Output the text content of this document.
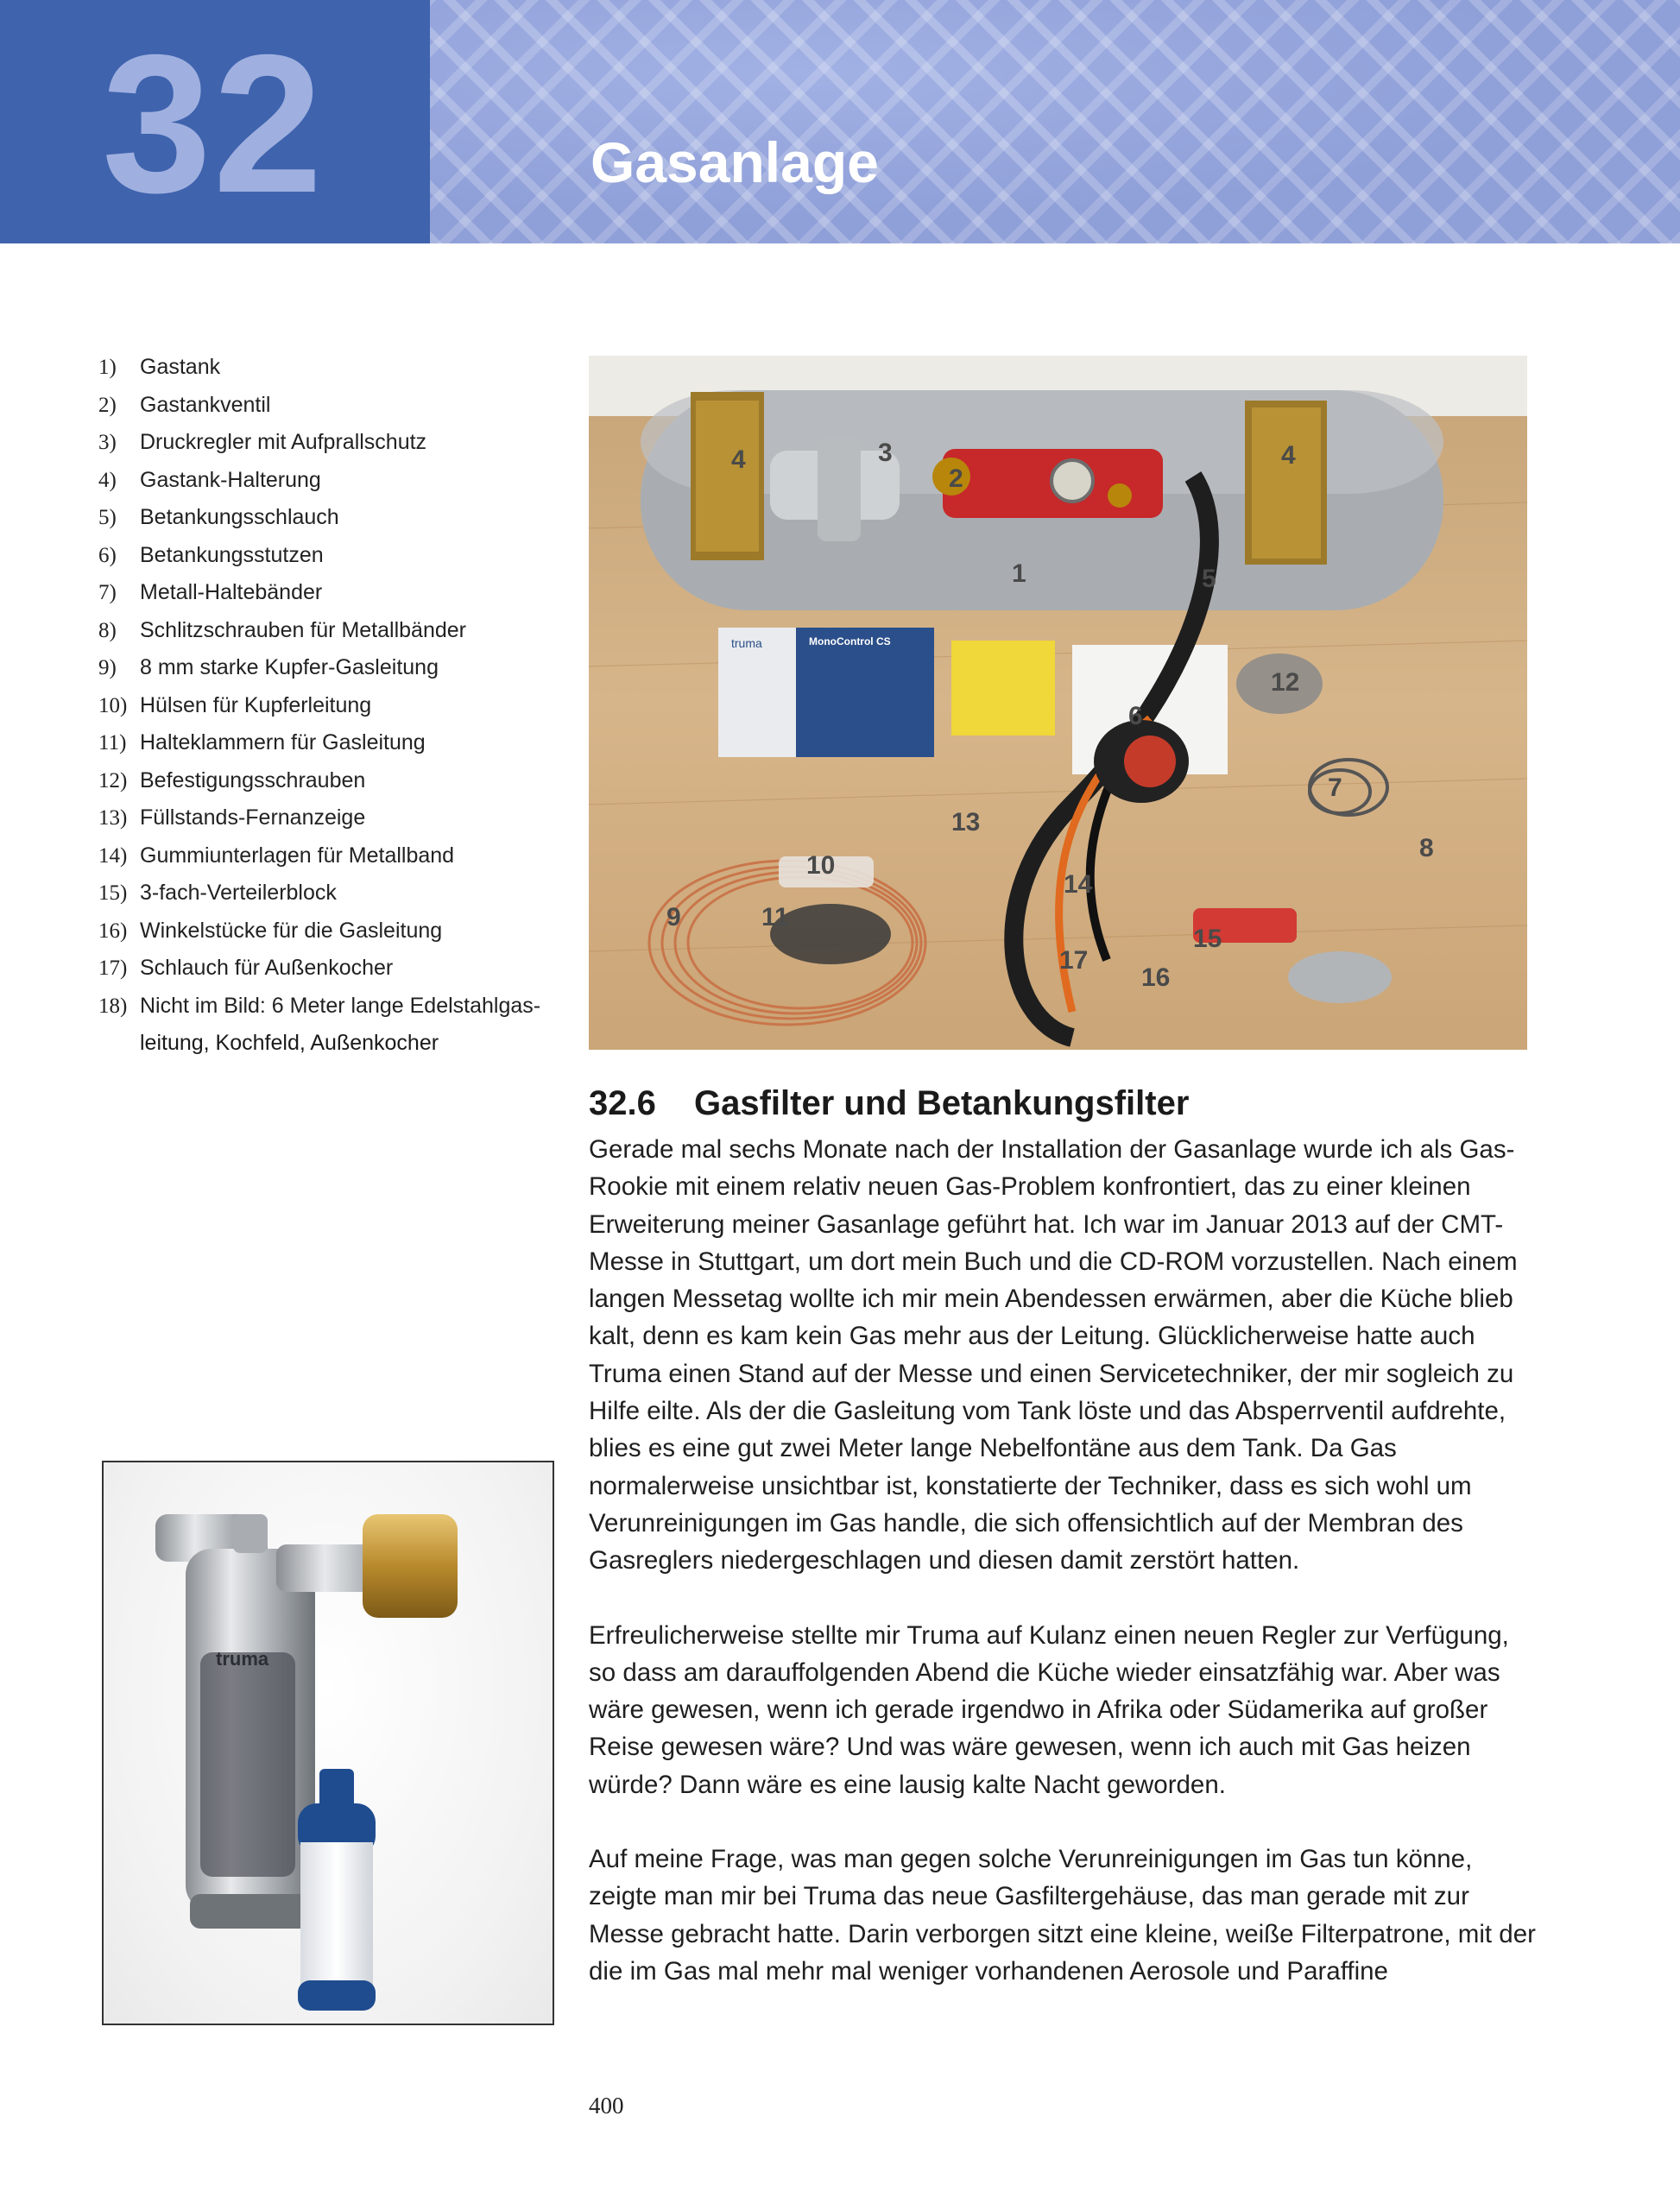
32	Gasanlage
1)	Gastank
2)	Gastankventil
3)	Druckregler mit Aufprallschutz
4)	Gastank-Halterung
5)	Betankungsschlauch
6)	Betankungsstutzen
7)	Metall-Haltebänder
8)	Schlitzschrauben für Metallbänder
9)	8 mm starke Kupfer-Gasleitung
10) Hülsen für Kupferleitung
11) Halteklammern für Gasleitung
12) Befestigungsschrauben
13) Füllstands-Fernanzeige
14) Gummiunterlagen für Metallband
15) 3-fach-Verteilerblock
16) Winkelstücke für die Gasleitung
17) Schlauch für Außenkocher
18) Nicht im Bild: 6 Meter lange Edelstahlgas-
leitung, Kochfeld, Außenkocher
4	3
2
4
1	5
6
7
8
9
10
11
12
13
14
15
16
17
truma	MonoControl CS
truma
32.6 Gasfilter und Betankungsfilter

Gerade mal sechs Monate nach der Installation der Gasanlage wurde ich als Gas-Rookie mit einem relativ neuen Gas-Problem konfrontiert, das zu einer kleinen Erweiterung meiner Gasanlage geführt hat. Ich war im Januar 2013 auf der CMT-Messe in Stuttgart, um dort mein Buch und die CD-ROM vorzustellen. Nach einem langen Messetag wollte ich mir mein Abendessen erwärmen, aber die Küche blieb kalt, denn es kam kein Gas mehr aus der Leitung. Glücklicherweise hatte auch Truma einen Stand auf der Messe und einen Servicetechniker, der mir sogleich zu Hilfe eilte. Als der die Gasleitung vom Tank löste und das Absperrventil aufdrehte, blies es eine gut zwei Meter lange Nebelfontäne aus dem Tank. Da Gas normalerweise unsichtbar ist, konstatierte der Techniker, dass es sich wohl um Verunreinigungen im Gas handle, die sich offensichtlich auf der Membran des Gasreglers niedergeschlagen und diesen damit zerstört hatten.

Erfreulicherweise stellte mir Truma auf Kulanz einen neuen Regler zur Verfügung, so dass am darauffolgenden Abend die Küche wieder einsatzfähig war. Aber was wäre gewesen, wenn ich gerade irgendwo in Afrika oder Südamerika auf großer Reise gewesen wäre? Und was wäre gewesen, wenn ich auch mit Gas heizen würde? Dann wäre es eine lausig kalte Nacht geworden.

Auf meine Frage, was man gegen solche Verunreinigungen im Gas tun könne, zeigte man mir bei Truma das neue Gasfiltergehäuse, das man gerade mit zur Messe gebracht hatte. Darin verborgen sitzt eine kleine, weiße Filterpatrone, mit der die im Gas mal mehr mal weniger vorhandenen Aerosole und Paraffine

400
